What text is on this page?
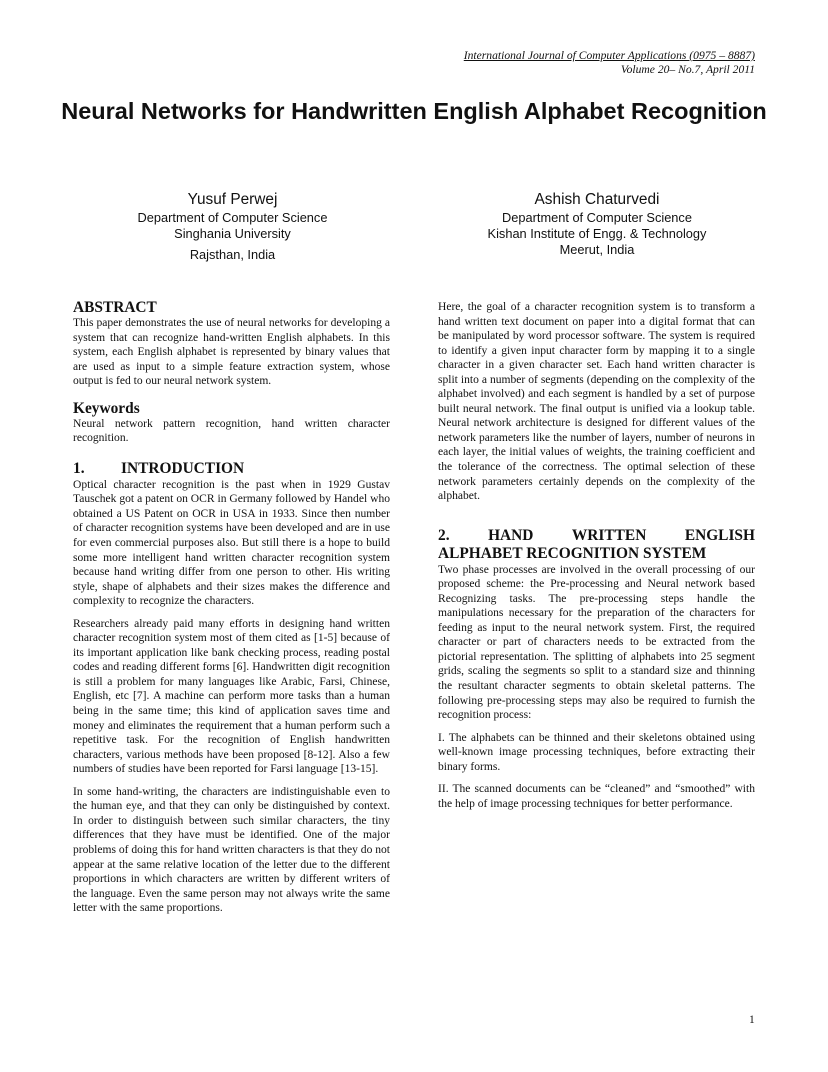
International Journal of Computer Applications (0975 – 8887)
Volume 20– No.7, April 2011
Neural Networks for Handwritten English Alphabet Recognition
Yusuf Perwej
Department of Computer Science
Singhania University
Rajsthan, India
Ashish Chaturvedi
Department of Computer Science
Kishan Institute of Engg. & Technology
Meerut, India
ABSTRACT

This paper demonstrates the use of neural networks for developing a system that can recognize hand-written English alphabets. In this system, each English alphabet is represented by binary values that are used as input to a simple feature extraction system, whose output is fed to our neural network system.

Keywords

Neural network pattern recognition, hand written character recognition.

1.	INTRODUCTION

Optical character recognition is the past when in 1929 Gustav Tauschek got a patent on OCR in Germany followed by Handel who obtained a US Patent on OCR in USA in 1933. Since then number of character recognition systems have been developed and are in use for even commercial purposes also. But still there is a hope to build some more intelligent hand written character recognition system because hand writing differ from one person to other. His writing style, shape of alphabets and their sizes makes the difference and complexity to recognize the characters.

Researchers already paid many efforts in designing hand written character recognition system most of them cited as [1-5] because of its important application like bank checking process, reading postal codes and reading different forms [6]. Handwritten digit recognition is still a problem for many languages like Arabic, Farsi, Chinese, English, etc [7]. A machine can perform more tasks than a human being in the same time; this kind of application saves time and money and eliminates the requirement that a human perform such a repetitive task. For the recognition of English handwritten characters, various methods have been proposed [8-12]. Also a few numbers of studies have been reported for Farsi language [13-15].

In some hand-writing, the characters are indistinguishable even to the human eye, and that they can only be distinguished by context. In order to distinguish between such similar characters, the tiny differences that they have must be identified. One of the major problems of doing this for hand written characters is that they do not appear at the same relative location of the letter due to the different proportions in which characters are written by different writers of the language. Even the same person may not always write the same letter with the same proportions.

Here, the goal of a character recognition system is to transform a hand written text document on paper into a digital format that can be manipulated by word processor software. The system is required to identify a given input character form by mapping it to a single character in a given character set. Each hand written character is split into a number of segments (depending on the complexity of the alphabet involved) and each segment is handled by a set of purpose built neural network. The final output is unified via a lookup table. Neural network architecture is designed for different values of the network parameters like the number of layers, number of neurons in each layer, the initial values of weights, the training coefficient and the tolerance of the correctness. The optimal selection of these network parameters certainly depends on the complexity of the alphabet.

2.	HAND	WRITTEN	ENGLISH
ALPHABET RECOGNITION SYSTEM

Two phase processes are involved in the overall processing of our proposed scheme: the Pre-processing and Neural network based Recognizing tasks. The pre-processing steps handle the manipulations necessary for the preparation of the characters for feeding as input to the neural network system. First, the required character or part of characters needs to be extracted from the pictorial representation. The splitting of alphabets into 25 segment grids, scaling the segments so split to a standard size and thinning the resultant character segments to obtain skeletal patterns. The following pre-processing steps may also be required to furnish the recognition process:

I. The alphabets can be thinned and their skeletons obtained using well-known image processing techniques, before extracting their binary forms.

II. The scanned documents can be “cleaned” and “smoothed” with the help of image processing techniques for better performance.

1
